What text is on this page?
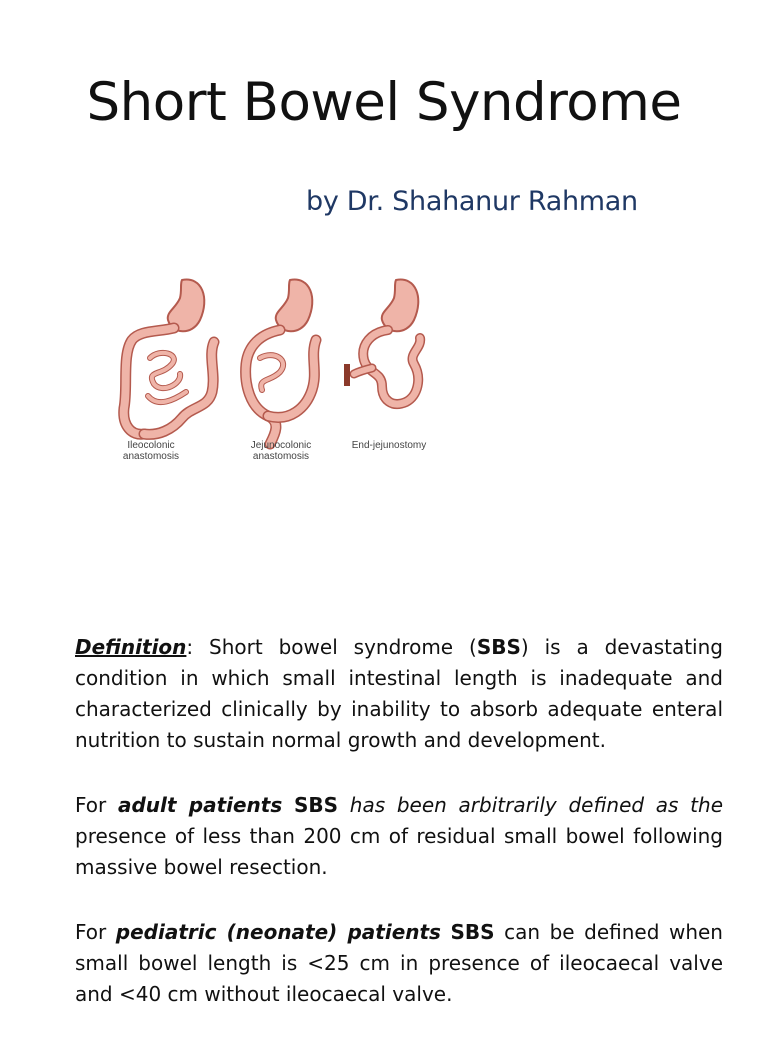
Short Bowel Syndrome
by Dr. Shahanur Rahman
Ileocolonic
anastomosis
Jejunocolonic
anastomosis
End-jejunostomy

Definition: Short bowel syndrome (SBS) is a devastating condition in which small intestinal length is inadequate and characterized clinically by inability to absorb adequate enteral nutrition to sustain normal growth and development.

For adult patients SBS has been arbitrarily defined as the presence of less than 200 cm of residual small bowel following massive bowel resection.

For pediatric (neonate) patients SBS can be defined when small bowel length is <25 cm in presence of ileocaecal valve and <40 cm without ileocaecal valve.
